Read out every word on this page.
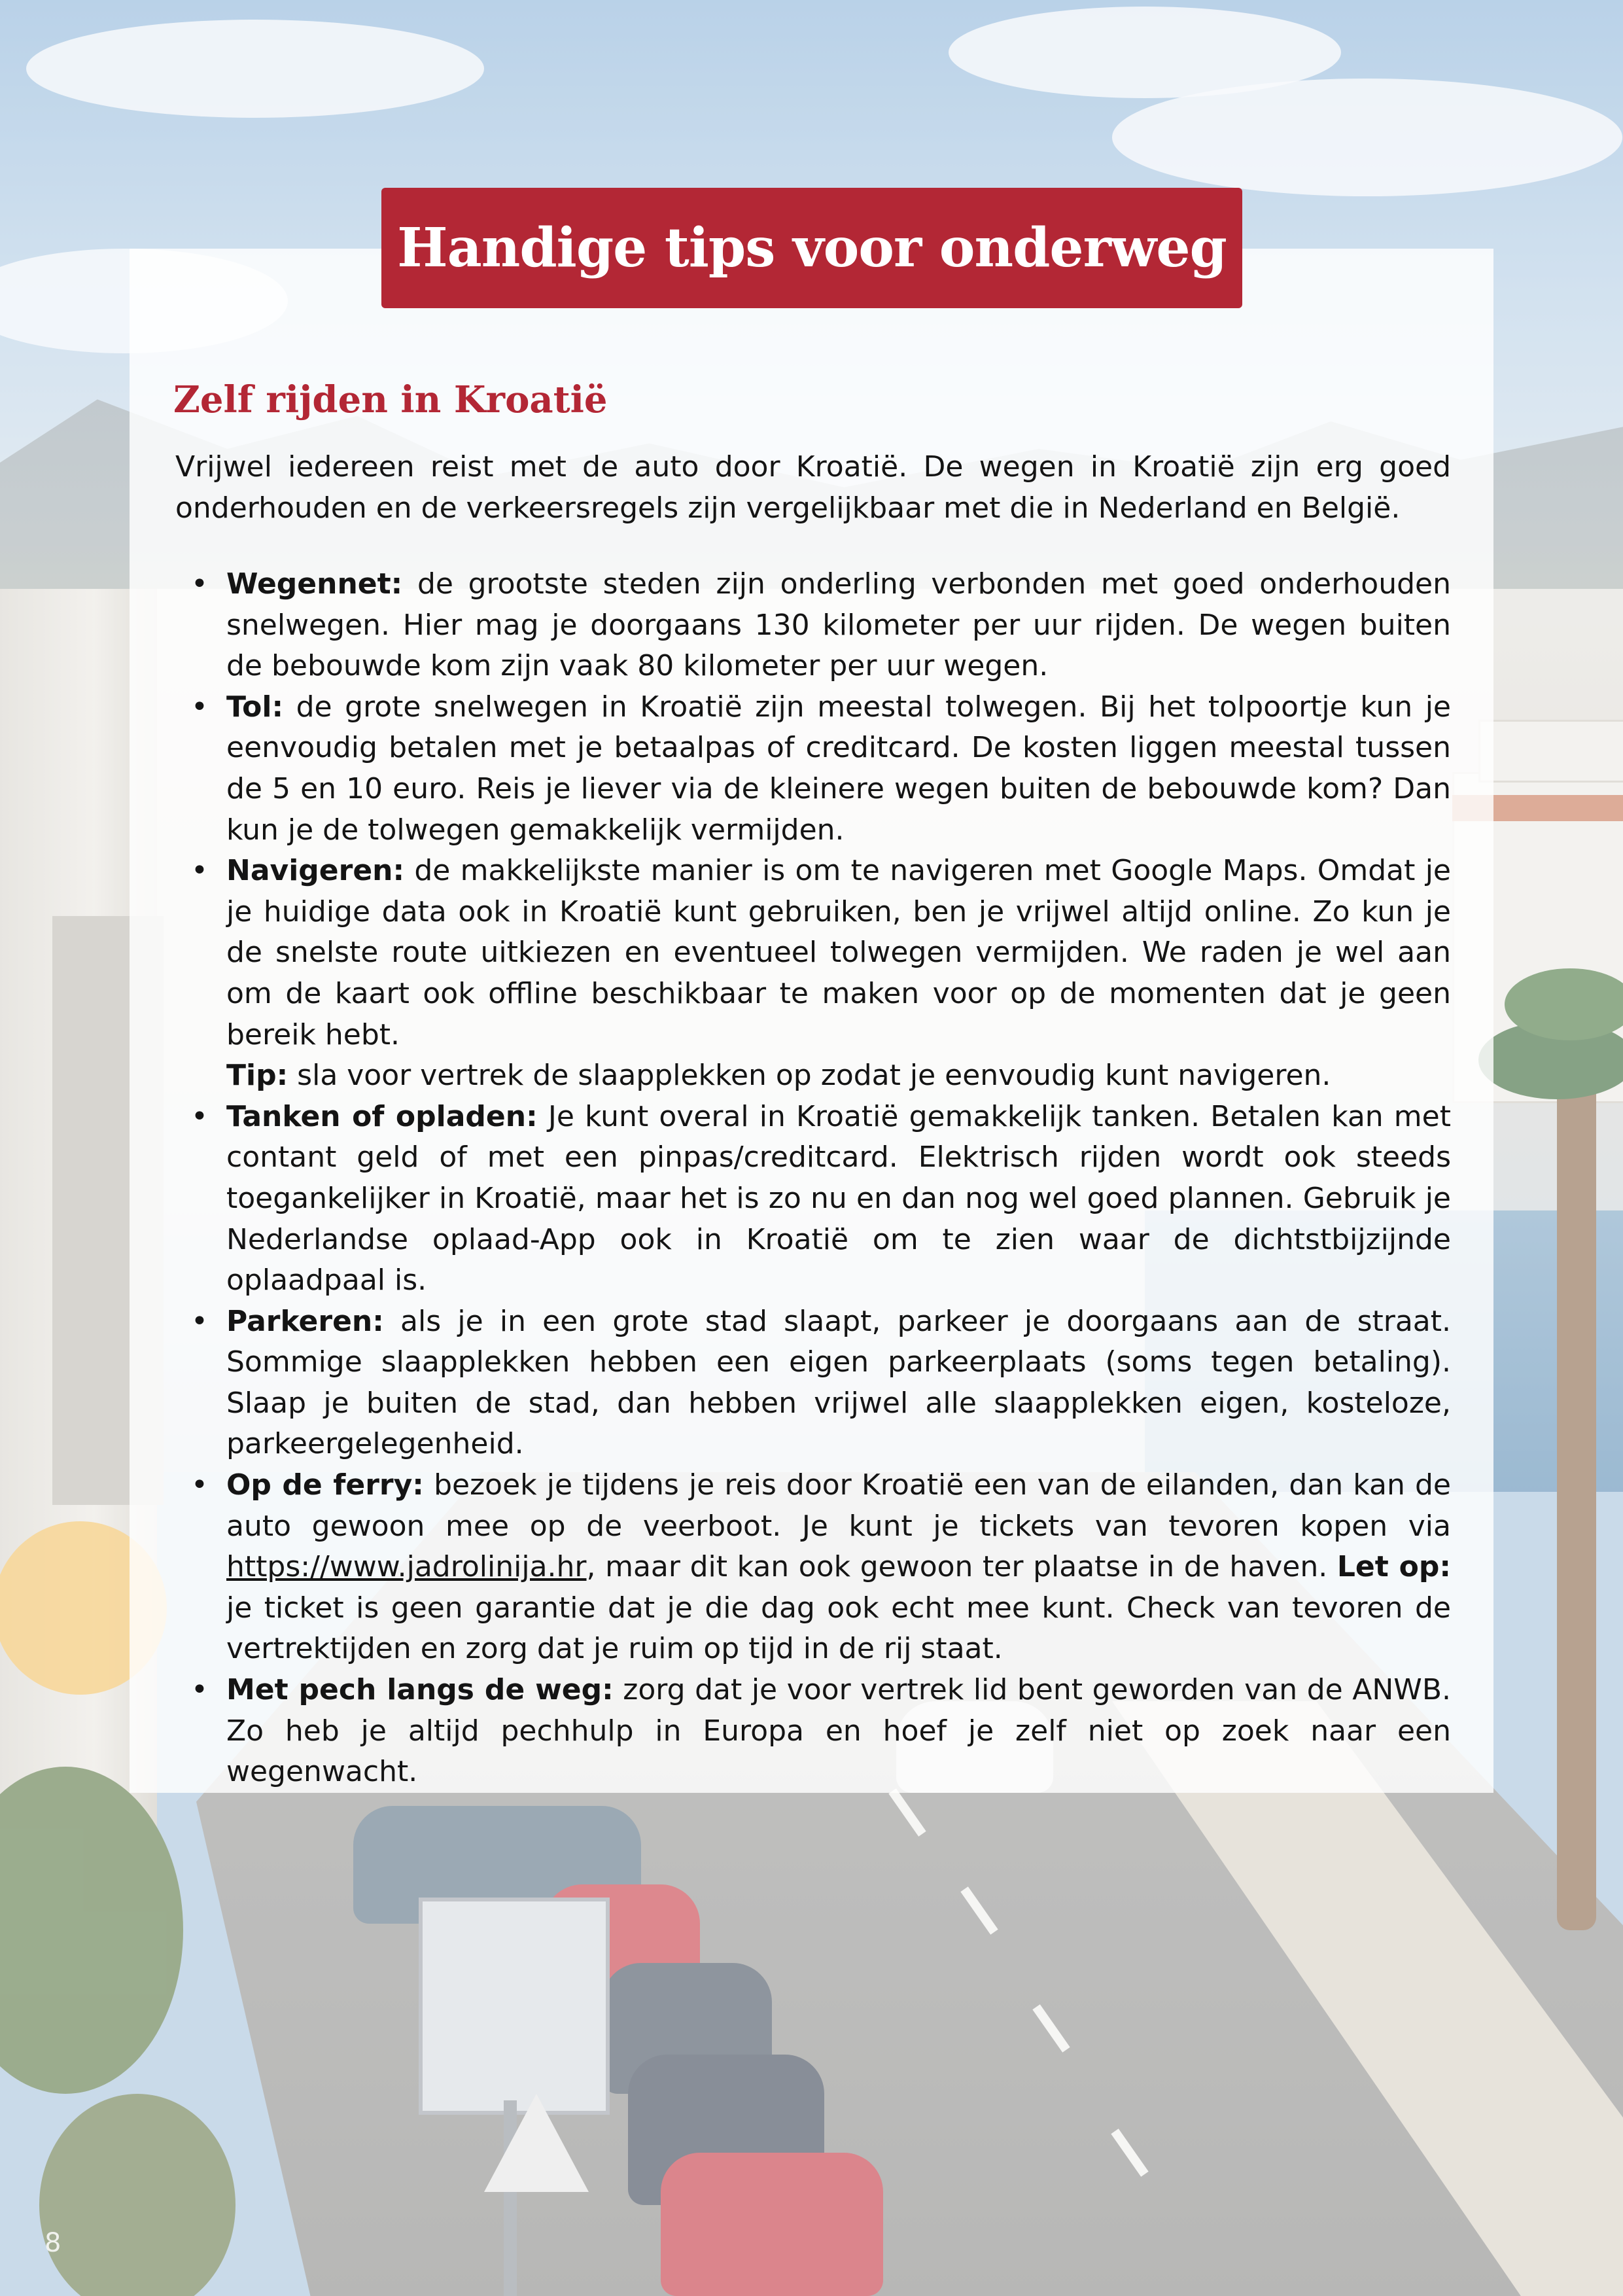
Handige tips voor onderweg
Zelf rijden in Kroatië

Vrijwel iedereen reist met de auto door Kroatië. De wegen in Kroatië zijn erg goed onderhouden en de verkeersregels zijn vergelijkbaar met die in Nederland en België.

• Wegennet: de grootste steden zijn onderling verbonden met goed onderhouden snelwegen. Hier mag je doorgaans 130 kilometer per uur rijden. De wegen buiten de bebouwde kom zijn vaak 80 kilometer per uur wegen.
• Tol: de grote snelwegen in Kroatië zijn meestal tolwegen. Bij het tolpoortje kun je eenvoudig betalen met je betaalpas of creditcard. De kosten liggen meestal tussen de 5 en 10 euro. Reis je liever via de kleinere wegen buiten de bebouwde kom? Dan kun je de tolwegen gemakkelijk vermijden.
• Navigeren: de makkelijkste manier is om te navigeren met Google Maps. Omdat je je huidige data ook in Kroatië kunt gebruiken, ben je vrijwel altijd online. Zo kun je de snelste route uitkiezen en eventueel tolwegen vermijden. We raden je wel aan om de kaart ook offline beschikbaar te maken voor op de momenten dat je geen bereik hebt.
Tip: sla voor vertrek de slaapplekken op zodat je eenvoudig kunt navigeren.
• Tanken of opladen: Je kunt overal in Kroatië gemakkelijk tanken. Betalen kan met contant geld of met een pinpas/creditcard. Elektrisch rijden wordt ook steeds toegankelijker in Kroatië, maar het is zo nu en dan nog wel goed plannen. Gebruik je Nederlandse oplaad-App ook in Kroatië om te zien waar de dichtstbijzijnde oplaadpaal is.
• Parkeren: als je in een grote stad slaapt, parkeer je doorgaans aan de straat. Sommige slaapplekken hebben een eigen parkeerplaats (soms tegen betaling). Slaap je buiten de stad, dan hebben vrijwel alle slaapplekken eigen, kosteloze, parkeergelegenheid.
• Op de ferry: bezoek je tijdens je reis door Kroatië een van de eilanden, dan kan de auto gewoon mee op de veerboot. Je kunt je tickets van tevoren kopen via https://www.jadrolinija.hr, maar dit kan ook gewoon ter plaatse in de haven. Let op: je ticket is geen garantie dat je die dag ook echt mee kunt. Check van tevoren de vertrektijden en zorg dat je ruim op tijd in de rij staat.
• Met pech langs de weg: zorg dat je voor vertrek lid bent geworden van de ANWB. Zo heb je altijd pechhulp in Europa en hoef je zelf niet op zoek naar een wegenwacht.
8
